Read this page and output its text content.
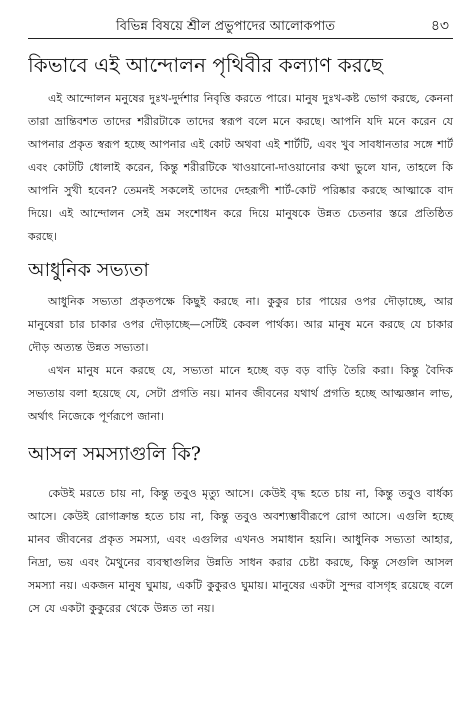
বিভিন্ন বিষয়ে শ্রীল প্রভুপাদের আলোকপাত	৪৩
কিভাবে এই আন্দোলন পৃথিবীর কল্যাণ করছে

এই আন্দোলন মনুষের দুঃখ-দুর্দশার নিবৃত্তি করতে পারে। মানুষ দুঃখ-কষ্ট ভোগ করছে, কেননা তারা ভ্রান্তিবশত তাদের শরীরটাকে তাদের স্বরূপ বলে মনে করছে। আপনি যদি মনে করেন যে আপনার প্রকৃত স্বরূপ হচ্ছে আপনার এই কোট অথবা এই শার্টটি, এবং খুব সাবধানতার সঙ্গে শার্ট এবং কোটটি ধোলাই করেন, কিন্তু শরীরটিকে খাওয়ানো-দাওয়ানোর কথা ভুলে যান, তাহলে কি আপনি সুখী হবেন? তেমনই সকলেই তাদের দেহরূপী শার্ট-কোট পরিষ্কার করছে আত্মাকে বাদ দিয়ে। এই আন্দোলন সেই ভ্রম সংশোধন করে দিয়ে মানুষকে উন্নত চেতনার স্তরে প্রতিষ্ঠিত করছে।

আধুনিক সভ্যতা

আধুনিক সভ্যতা প্রকৃতপক্ষে কিছুই করছে না। কুকুর চার পায়ের ওপর দৌড়াচ্ছে, আর মানুষেরা চার চাকার ওপর দৌড়াচ্ছে—সেটিই কেবল পার্থক্য। আর মানুষ মনে করছে যে চাকার দৌড় অত্যন্ত উন্নত সভ্যতা।

এখন মানুষ মনে করছে যে, সভ্যতা মানে হচ্ছে বড় বড় বাড়ি তৈরি করা। কিন্তু বৈদিক সভ্যতায় বলা হয়েছে যে, সেটা প্রগতি নয়। মানব জীবনের যথার্থ প্রগতি হচ্ছে আত্মজ্ঞান লাভ, অর্থাৎ নিজেকে পূর্ণরূপে জানা।

আসল সমস্যাগুলি কি?

কেউই মরতে চায় না, কিন্তু তবুও মৃত্যু আসে। কেউই বৃদ্ধ হতে চায় না, কিন্তু তবুও বার্ধক্য আসে। কেউই রোগাক্রান্ত হতে চায় না, কিন্তু তবুও অবশ্যম্ভাবীরূপে রোগ আসে। এগুলি হচ্ছে মানব জীবনের প্রকৃত সমস্যা, এবং এগুলির এখনও সমাধান হয়নি। আধুনিক সভ্যতা আহার, নিদ্রা, ভয় এবং মৈথুনের ব্যবস্থাগুলির উন্নতি সাধন করার চেষ্টা করছে, কিন্তু সেগুলি আসল সমস্যা নয়। একজন মানুষ ঘুমায়, একটি কুকুরও ঘুমায়। মানুষের একটা সুন্দর বাসগৃহ রয়েছে বলে সে যে একটা কুকুরের থেকে উন্নত তা নয়।
